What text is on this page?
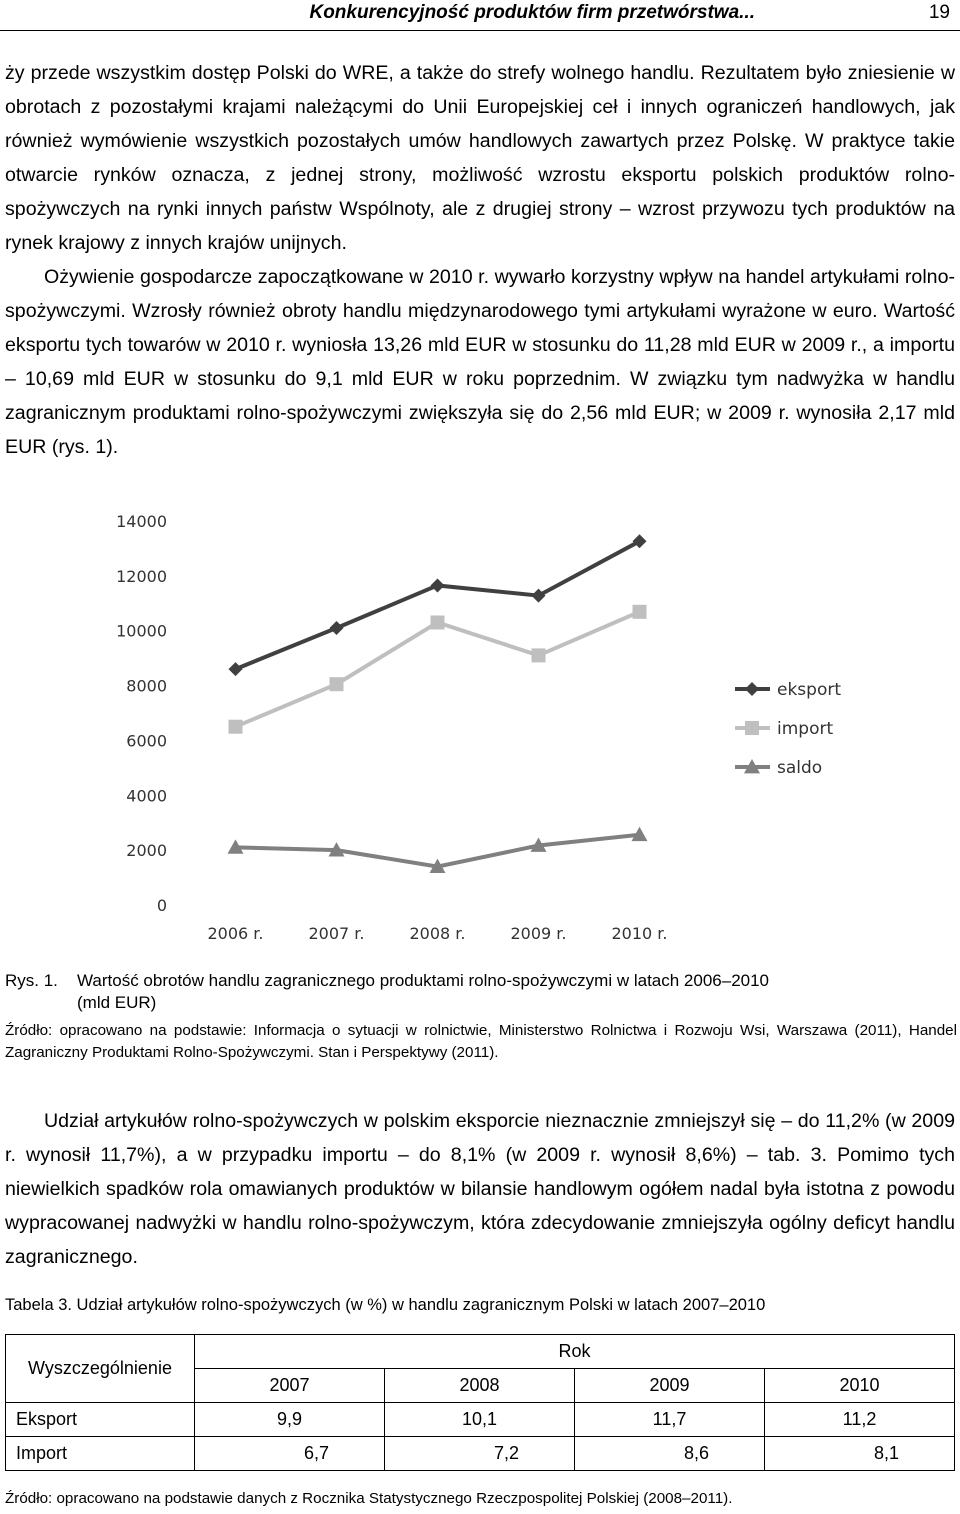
Konkurencyjność produktów firm przetwórstwa...	19
ży przede wszystkim dostęp Polski do WRE, a także do strefy wolnego handlu. Rezultatem było zniesienie w obrotach z pozostałymi krajami należącymi do Unii Europejskiej ceł i innych ograniczeń handlowych, jak również wymówienie wszystkich pozostałych umów handlowych zawartych przez Polskę. W praktyce takie otwarcie rynków oznacza, z jednej strony, możliwość wzrostu eksportu polskich produktów rolno-spożywczych na rynki innych państw Wspólnoty, ale z drugiej strony – wzrost przywozu tych produktów na rynek krajowy z innych krajów unijnych.
Ożywienie gospodarcze zapoczątkowane w 2010 r. wywarło korzystny wpływ na handel artykułami rolno-spożywczymi. Wzrosły również obroty handlu międzynarodowego tymi artykułami wyrażone w euro. Wartość eksportu tych towarów w 2010 r. wyniosła 13,26 mld EUR w stosunku do 11,28 mld EUR w 2009 r., a importu – 10,69 mld EUR w stosunku do 9,1 mld EUR w roku poprzednim. W związku tym nadwyżka w handlu zagranicznym produktami rolno-spożywczymi zwiększyła się do 2,56 mld EUR; w 2009 r. wynosiła 2,17 mld EUR (rys. 1).
0
2000
4000
6000
8000
10000
12000
14000
2006 r.	2007 r.	2008 r.	2009 r.	2010 r.
eksport
import
saldo
Rys. 1. Wartość obrotów handlu zagranicznego produktami rolno-spożywczymi w latach 2006–2010
(mld EUR)
Źródło: opracowano na podstawie: Informacja o sytuacji w rolnictwie, Ministerstwo Rolnictwa i Rozwoju Wsi, Warszawa (2011), Handel Zagraniczny Produktami Rolno-Spożywczymi. Stan i Perspektywy (2011).
Udział artykułów rolno-spożywczych w polskim eksporcie nieznacznie zmniejszył się – do 11,2% (w 2009 r. wynosił 11,7%), a w przypadku importu – do 8,1% (w 2009 r. wynosił 8,6%) – tab. 3. Pomimo tych niewielkich spadków rola omawianych produktów w bilansie handlowym ogółem nadal była istotna z powodu wypracowanej nadwyżki w handlu rolno-spożywczym, która zdecydowanie zmniejszyła ogólny deficyt handlu zagranicznego.
Tabela 3. Udział artykułów rolno-spożywczych (w %) w handlu zagranicznym Polski w latach 2007–2010
Wyszczególnienie	Rok			
	2007	2008	2009	2010
Eksport	9,9	10,1	11,7	11,2
Import	6,7	7,2	8,6	8,1
Źródło: opracowano na podstawie danych z Rocznika Statystycznego Rzeczpospolitej Polskiej (2008–2011).
